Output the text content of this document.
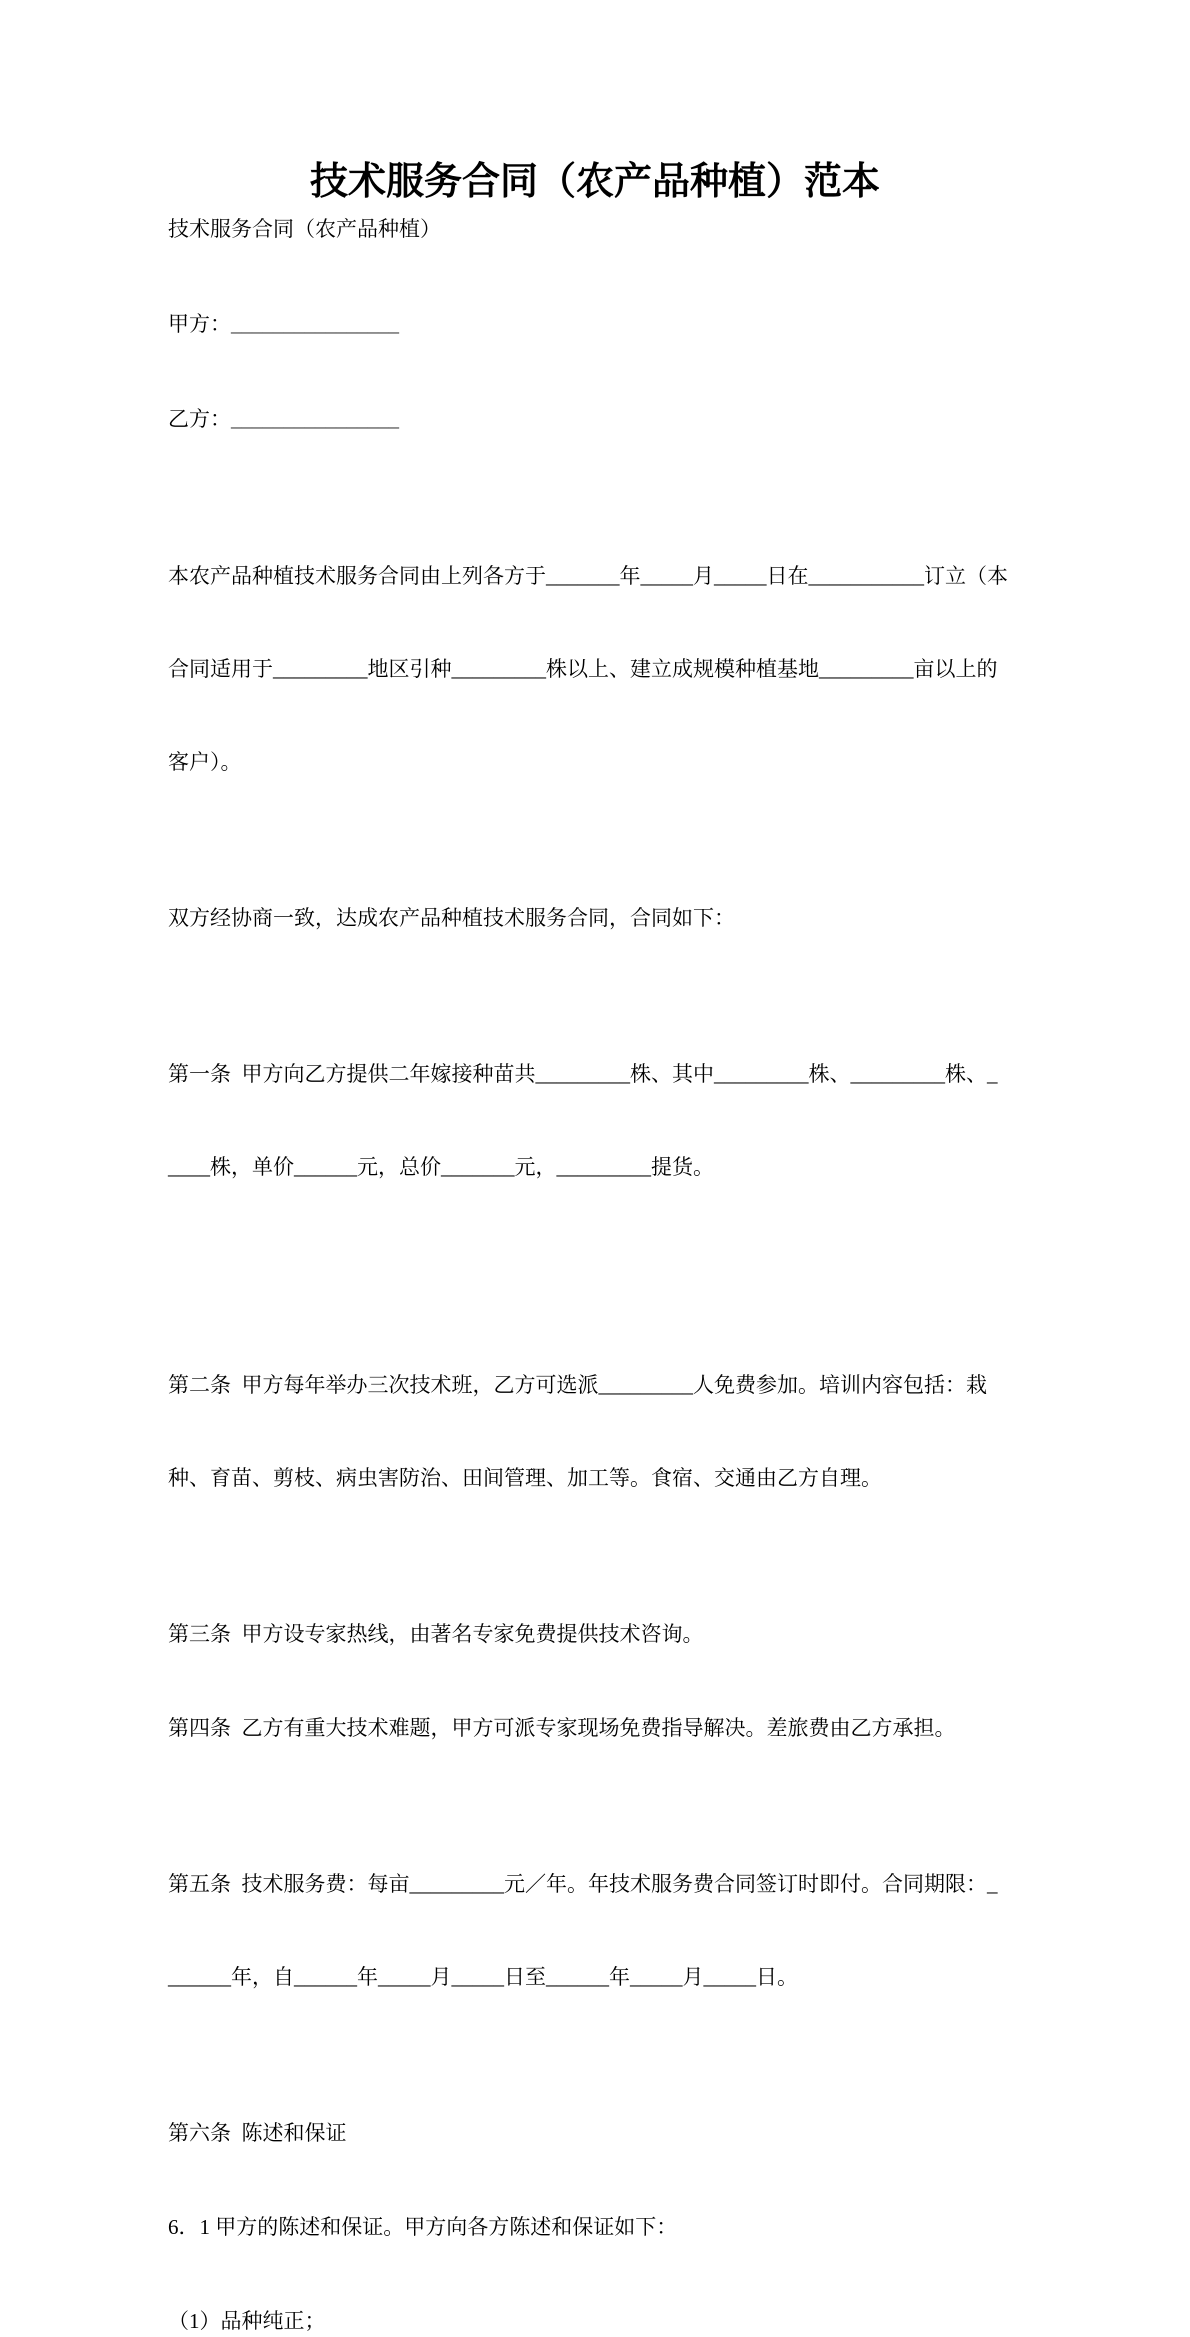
技术服务合同（农产品种植）范本
技术服务合同（农产品种植）
甲方：________________
乙方：________________

本农产品种植技术服务合同由上列各方于_______年_____月_____日在___________订立（本

合同适用于_________地区引种_________株以上、建立成规模种植基地_________亩以上的

客户）。

双方经协商一致，达成农产品种植技术服务合同，合同如下：

第一条  甲方向乙方提供二年嫁接种苗共_________株、其中_________株、_________株、_

____株，单价______元，总价_______元，_________提货。

第二条  甲方每年举办三次技术班，乙方可选派_________人免费参加。培训内容包括：栽

种、育苗、剪枝、病虫害防治、田间管理、加工等。食宿、交通由乙方自理。

第三条  甲方设专家热线，由著名专家免费提供技术咨询。
第四条  乙方有重大技术难题，甲方可派专家现场免费指导解决。差旅费由乙方承担。

第五条  技术服务费：每亩_________元／年。年技术服务费合同签订时即付。合同期限：_

______年，自______年_____月_____日至______年_____月_____日。

第六条  陈述和保证
6．1 甲方的陈述和保证。甲方向各方陈述和保证如下：
（1）品种纯正；
